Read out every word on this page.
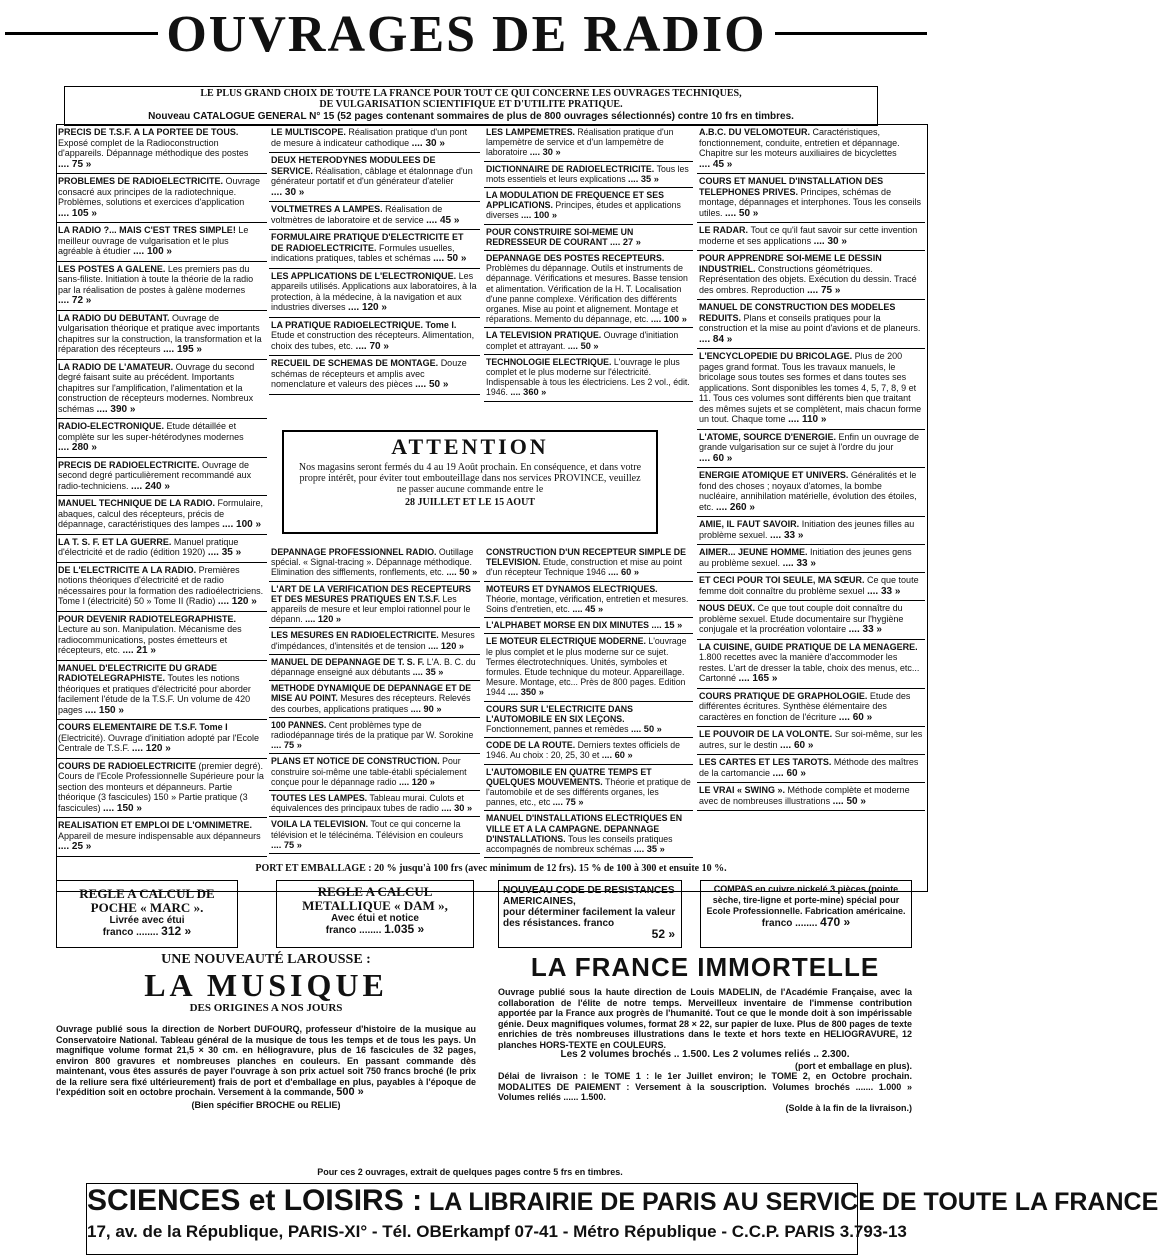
OUVRAGES DE RADIO
LE PLUS GRAND CHOIX DE TOUTE LA FRANCE POUR TOUT CE QUI CONCERNE LES OUVRAGES TECHNIQUES,
DE VULGARISATION SCIENTIFIQUE ET D'UTILITE PRATIQUE.
Nouveau CATALOGUE GENERAL N° 15 (52 pages contenant sommaires de plus de 800 ouvrages sélectionnés) contre 10 frs en timbres.
PRECIS DE T.S.F. A LA PORTEE DE TOUS. Exposé complet de la Radioconstruction d'appareils. Dépannage méthodique des postes .... 75 »
PROBLEMES DE RADIOELECTRICITE. Ouvrage consacré aux principes de la radiotechnique. Problèmes, solutions et exercices d'application .... 105 »
LA RADIO ?... MAIS C'EST TRES SIMPLE! Le meilleur ouvrage de vulgarisation et le plus agréable à étudier .... 100 »
LES POSTES A GALENE. Les premiers pas du sans-filiste. Initiation à toute la théorie de la radio par la réalisation de postes à galène modernes .... 72 »
LA RADIO DU DEBUTANT. Ouvrage de vulgarisation théorique et pratique avec importants chapitres sur la construction, la transformation et la réparation des récepteurs .... 195 »
LA RADIO DE L'AMATEUR. Ouvrage du second degré faisant suite au précédent. Importants chapitres sur l'amplification, l'alimentation et la construction de récepteurs modernes. Nombreux schémas .... 390 »
RADIO-ELECTRONIQUE. Etude détaillée et complète sur les super-hétérodynes modernes .... 280 »
PRECIS DE RADIOELECTRICITE. Ouvrage de second degré particulièrement recommandé aux radio-techniciens. .... 240 »
MANUEL TECHNIQUE DE LA RADIO. Formulaire, abaques, calcul des récepteurs, précis de dépannage, caractéristiques des lampes .... 100 »
LA T. S. F. ET LA GUERRE. Manuel pratique d'électricité et de radio (édition 1920) .... 35 »
DE L'ELECTRICITE A LA RADIO. Premières notions théoriques d'électricité et de radio nécessaires pour la formation des radioélectriciens. Tome I (électricité) 50 » Tome II (Radio) .... 120 »
POUR DEVENIR RADIOTELEGRAPHISTE. Lecture au son. Manipulation. Mécanisme des radiocommunications, postes émetteurs et récepteurs, etc. .... 21 »
MANUEL D'ELECTRICITE DU GRADE RADIOTELEGRAPHISTE. Toutes les notions théoriques et pratiques d'électricité pour aborder facilement l'étude de la T.S.F. Un volume de 420 pages .... 150 »
COURS ELEMENTAIRE DE T.S.F. Tome I (Electricité). Ouvrage d'initiation adopté par l'Ecole Centrale de T.S.F. .... 120 »
COURS DE RADIOELECTRICITE (premier degré). Cours de l'Ecole Professionnelle Supérieure pour la section des monteurs et dépanneurs. Partie théorique (3 fascicules) 150 » Partie pratique (3 fascicules) .... 150 »
REALISATION ET EMPLOI DE L'OMNIMETRE. Appareil de mesure indispensable aux dépanneurs .... 25 »
LE MULTISCOPE. Réalisation pratique d'un pont de mesure à indicateur cathodique .... 30 »
DEUX HETERODYNES MODULEES DE SERVICE. Réalisation, câblage et étalonnage d'un générateur portatif et d'un générateur d'atelier .... 30 »
VOLTMETRES A LAMPES. Réalisation de voltmètres de laboratoire et de service .... 45 »
FORMULAIRE PRATIQUE D'ELECTRICITE ET DE RADIOELECTRICITE. Formules usuelles, indications pratiques, tables et schémas .... 50 »
LES APPLICATIONS DE L'ELECTRONIQUE. Les appareils utilisés. Applications aux laboratoires, à la protection, à la médecine, à la navigation et aux industries diverses .... 120 »
LA PRATIQUE RADIOELECTRIQUE. Tome I. Etude et construction des récepteurs. Alimentation, choix des tubes, etc. .... 70 »
RECUEIL DE SCHEMAS DE MONTAGE. Douze schémas de récepteurs et amplis avec nomenclature et valeurs des pièces .... 50 »
LES LAMPEMETRES. Réalisation pratique d'un lampemètre de service et d'un lampemètre de laboratoire .... 30 »
DICTIONNAIRE DE RADIOELECTRICITE. Tous les mots essentiels et leurs explications .... 35 »
LA MODULATION DE FREQUENCE ET SES APPLICATIONS. Principes, études et applications diverses .... 100 »
POUR CONSTRUIRE SOI-MEME UN REDRESSEUR DE COURANT .... 27 »
DEPANNAGE DES POSTES RECEPTEURS. Problèmes du dépannage. Outils et instruments de dépannage. Vérifications et mesures. Basse tension et alimentation. Vérification de la H. T. Localisation d'une panne complexe. Vérification des différents organes. Mise au point et alignement. Montage et réparations. Memento du dépannage, etc. .... 100 »
LA TELEVISION PRATIQUE. Ouvrage d'initiation complet et attrayant. .... 50 »
TECHNOLOGIE ELECTRIQUE. L'ouvrage le plus complet et le plus moderne sur l'électricité. Indispensable à tous les électriciens. Les 2 vol., édit. 1946. .... 360 »
A.B.C. DU VELOMOTEUR. Caractéristiques, fonctionnement, conduite, entretien et dépannage. Chapitre sur les moteurs auxiliaires de bicyclettes .... 45 »
COURS ET MANUEL D'INSTALLATION DES TELEPHONES PRIVES. Principes, schémas de montage, dépannages et interphones. Tous les conseils utiles. .... 50 »
LE RADAR. Tout ce qu'il faut savoir sur cette invention moderne et ses applications .... 30 »
POUR APPRENDRE SOI-MEME LE DESSIN INDUSTRIEL. Constructions géométriques. Représentation des objets. Exécution du dessin. Tracé des ombres. Reproduction .... 75 »
MANUEL DE CONSTRUCTION DES MODELES REDUITS. Plans et conseils pratiques pour la construction et la mise au point d'avions et de planeurs. .... 84 »
L'ENCYCLOPEDIE DU BRICOLAGE. Plus de 200 pages grand format. Tous les travaux manuels, le bricolage sous toutes ses formes et dans toutes ses applications. Sont disponibles les tomes 4, 5, 7, 8, 9 et 11. Tous ces volumes sont différents bien que traitant des mêmes sujets et se complètent, mais chacun forme un tout. Chaque tome .... 110 »
L'ATOME, SOURCE D'ENERGIE. Enfin un ouvrage de grande vulgarisation sur ce sujet à l'ordre du jour .... 60 »
ENERGIE ATOMIQUE ET UNIVERS. Généralités et le fond des choses ; noyaux d'atomes, la bombe nucléaire, annihilation matérielle, évolution des étoiles, etc. .... 260 »
AMIE, IL FAUT SAVOIR. Initiation des jeunes filles au problème sexuel. .... 33 »
AIMER... JEUNE HOMME. Initiation des jeunes gens au problème sexuel. .... 33 »
ET CECI POUR TOI SEULE, MA SŒUR. Ce que toute femme doit connaître du problème sexuel .... 33 »
NOUS DEUX. Ce que tout couple doit connaître du problème sexuel. Etude documentaire sur l'hygiène conjugale et la procréation volontaire .... 33 »
LA CUISINE, GUIDE PRATIQUE DE LA MENAGERE. 1.800 recettes avec la manière d'accommoder les restes. L'art de dresser la table, choix des menus, etc... Cartonné .... 165 »
COURS PRATIQUE DE GRAPHOLOGIE. Etude des différentes écritures. Synthèse élémentaire des caractères en fonction de l'écriture .... 60 »
LE POUVOIR DE LA VOLONTE. Sur soi-même, sur les autres, sur le destin .... 60 »
LES CARTES ET LES TAROTS. Méthode des maîtres de la cartomancie .... 60 »
LE VRAI « SWING ». Méthode complète et moderne avec de nombreuses illustrations .... 50 »
ATTENTION
Nos magasins seront fermés du 4 au 19 Août prochain. En conséquence, et dans votre propre intérêt, pour éviter tout embouteillage dans nos services PROVINCE, veuillez ne passer aucune commande entre le
28 JUILLET ET LE 15 AOUT
DEPANNAGE PROFESSIONNEL RADIO. Outillage spécial. « Signal-tracing ». Dépannage méthodique. Elimination des sifflements, ronflements, etc. .... 50 »
L'ART DE LA VERIFICATION DES RECEPTEURS ET DES MESURES PRATIQUES EN T.S.F. Les appareils de mesure et leur emploi rationnel pour le dépann. .... 120 »
LES MESURES EN RADIOELECTRICITE. Mesures d'impédances, d'intensités et de tension .... 120 »
MANUEL DE DEPANNAGE DE T. S. F. L'A. B. C. du dépannage enseigné aux débutants .... 35 »
METHODE DYNAMIQUE DE DEPANNAGE ET DE MISE AU POINT. Mesures des récepteurs. Relevés des courbes, applications pratiques .... 90 »
100 PANNES. Cent problèmes type de radiodépannage tirés de la pratique par W. Sorokine .... 75 »
PLANS ET NOTICE DE CONSTRUCTION. Pour construire soi-même une table-établi spécialement conçue pour le dépannage radio .... 120 »
TOUTES LES LAMPES. Tableau murai. Culots et équivalences des principaux tubes de radio .... 30 »
VOILA LA TELEVISION. Tout ce qui concerne la télévision et le télécinéma. Télévision en couleurs .... 75 »
CONSTRUCTION D'UN RECEPTEUR SIMPLE DE TELEVISION. Etude, construction et mise au point d'un récepteur Technique 1946 .... 60 »
MOTEURS ET DYNAMOS ELECTRIQUES. Théorie, montage, vérification, entretien et mesures. Soins d'entretien, etc. .... 45 »
L'ALPHABET MORSE EN DIX MINUTES .... 15 »
LE MOTEUR ELECTRIQUE MODERNE. L'ouvrage le plus complet et le plus moderne sur ce sujet. Termes électrotechniques. Unités, symboles et formules. Etude technique du moteur. Appareillage. Mesure. Montage, etc... Près de 800 pages. Edition 1944 .... 350 »
COURS SUR L'ELECTRICITE DANS L'AUTOMOBILE EN SIX LEÇONS. Fonctionnement, pannes et remèdes .... 50 »
CODE DE LA ROUTE. Derniers textes officiels de 1946. Au choix : 20, 25, 30 et .... 60 »
L'AUTOMOBILE EN QUATRE TEMPS ET QUELQUES MOUVEMENTS. Théorie et pratique de l'automobile et de ses différents organes, les pannes, etc., etc .... 75 »
MANUEL D'INSTALLATIONS ELECTRIQUES EN VILLE ET A LA CAMPAGNE. DEPANNAGE D'INSTALLATIONS. Tous les conseils pratiques accompagnés de nombreux schémas .... 35 »
PORT ET EMBALLAGE : 20 % jusqu'à 100 frs (avec minimum de 12 frs). 15 % de 100 à 300 et ensuite 10 %.
REGLE A CALCUL DE POCHE « MARC ».
Livrée avec étui
franco ........ 312 »
REGLE A CALCUL METALLIQUE « DAM »,
Avec étui et notice
franco ........ 1.035 »
NOUVEAU CODE DE RESISTANCES AMERICAINES,
pour déterminer facilement la valeur des résistances. franco
52 »
COMPAS en cuivre nickelé 3 pièces (pointe sèche, tire-ligne et porte-mine) spécial pour Ecole Professionnelle. Fabrication américaine.
franco ........ 470 »
UNE NOUVEAUTÉ LAROUSSE :
LA MUSIQUE
DES ORIGINES A NOS JOURS
Ouvrage publié sous la direction de Norbert DUFOURQ, professeur d'histoire de la musique au Conservatoire National. Tableau général de la musique de tous les temps et de tous les pays. Un magnifique volume format 21,5 × 30 cm. en héliogravure, plus de 16 fascicules de 32 pages, environ 800 gravures et nombreuses planches en couleurs. En passant commande dès maintenant, vous êtes assurés de payer l'ouvrage à son prix actuel soit 750 francs broché (le prix de la reliure sera fixé ultérieurement) frais de port et d'emballage en plus, payables à l'époque de l'expédition soit en octobre prochain. Versement à la commande, 500 »
(Bien spécifier BROCHE ou RELIE)
LA FRANCE IMMORTELLE
Ouvrage publié sous la haute direction de Louis MADELIN, de l'Académie Française, avec la collaboration de l'élite de notre temps. Merveilleux inventaire de l'immense contribution apportée par la France aux progrès de l'humanité. Tout ce que le monde doit à son impérissable génie. Deux magnifiques volumes, format 28 × 22, sur papier de luxe. Plus de 800 pages de texte enrichies de très nombreuses illustrations dans le texte et hors texte en HELIOGRAVURE, 12 planches HORS-TEXTE en COULEURS.
Les 2 volumes brochés .. 1.500. Les 2 volumes reliés .. 2.300.
(port et emballage en plus).
Délai de livraison : le TOME 1 : le 1er Juillet environ; le TOME 2, en Octobre prochain. MODALITES DE PAIEMENT : Versement à la souscription. Volumes brochés ....... 1.000 » Volumes reliés ...... 1.500.
(Solde à la fin de la livraison.)
Pour ces 2 ouvrages, extrait de quelques pages contre 5 frs en timbres.
SCIENCES et LOISIRS : LA LIBRAIRIE DE PARIS AU SERVICE DE TOUTE LA FRANCE
17, av. de la République, PARIS-XI° - Tél. OBErkampf 07-41 - Métro République - C.C.P. PARIS 3.793-13
